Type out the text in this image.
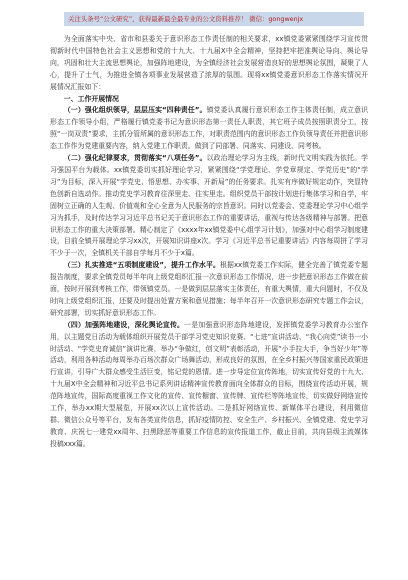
关注头条号“公文研究”，获得最新最全最专业的公文资料推荐！ 微信：gongwenjx

为全面落实中央、省市和县委关于意识形态工作责任制的相关要求，xx镇党委紧紧围绕学习宣传贯彻新时代中国特色社会主义思想和党的十九大、十九届X中全会精神，坚持把牢把准舆论导向、舆论导向，巩固和壮大主流思想舆论，加强阵地建设，为全镇经济社会发展营造良好的思想舆论氛围，凝聚了人心，提升了士气，为推进全镇各项事业发展营造了浓厚的氛围。现将xx镇党委意识形态工作落实情况开展情况汇报如下：

一、工作开展情况

（一）强化组织领导，层层压实“四种责任”。镇党委认真履行意识形态工作主体责任制，成立意识形态工作领导小组，严格履行镇党委书记为意识形态第一责任人职责，其它班子成员按照职责分工，按照“一岗双责”要求，主抓分管所属的意识形态工作，对职责范围内的意识形态工作负领导责任并把意识形态工作作为党建重要内容，纳入党建工作职责。做到了同部署、同落实、同建设、同考核。

（二）强化纪律要求，贯彻落实“八项任务”。以政治理论学习为主线，新时代文明实践为依托。学习强国平台为载体。xx镇党委切实抓好理论学习，紧紧围绕“学党理论、学党章规定、学党历史”的“学习”为目标，深入开展“学党史、悟思想、办实事、开新局”的任务要求。扎实有序做好规定动作，突显特色创新自选动作。推动党史学习教育往深里走、往实里走。组织党员干部按计划进行集体学习和自学，牢固树立正确的人生观、价值观和全心全意为人民服务的宗旨意识。同时以党委会、党委理论学习中心组学习为抓手，及时传达学习习近平总书记关于意识形态工作的重要讲话，重视与传达各级精神与部署。把意识形态工作的重大决策部署。精心制定了《xxxx年xx镇党委中心组学习计划》，加强对中心组学习制度建设，目前全镇开展理论学习xx次，开展知识讲座x次。学习《习近平总书记重要讲话》内容每周拼了学习不少于一次，全镇机关干部自学每月不少于x篇。

（三）扎实推进“五项制度建设”，提升工作水平。根据xx镇党委工作实际，健全完善了镇党委专题报告制度，要求全镇党员每半年向上级党组织汇报一次意识形态工作情况，进一步把意识形态工作做在前面，按时开展到考核工作，带领镇党员。一是做到层层落实主体责任，有重大舆情，重大问题时，不仅及时向上级党组织汇报，还要及时提出处置方案和意见措施；每半年召开一次意识形态研究专题工作会议，研究部署，切实抓好意识形态工作。

（四）加强阵地建设，深化舆论宣传。一是加强意识形态阵地建设，发挥镇党委学习教育办公室作用，以主题党日活动为载体组织开展党员干部学习党史知识竞赛、“七进”宣讲活动、“我心向党”读书一小时活动、“学党史育诚信”演讲比赛，举办“争做红，创文明”表彰活动，开展“小手拉大手，争当好少年”等活动，利用各种活动每周举办百场次群众广场舞活动，形成良好的氛围，在全乡村振兴等国家重民政策进行宣讲，引导广大群众感受生活巨变，铭记党的恩情。进一步导定位宣传阵地，切实宣传好党的十九大、十九届X中全会精神和习近平总书记系列讲话精神宣传教育面向全体群众的目标，围绕宣传活动开展，规范阵地宣传，国际高度重视工作文化的宣传、宣传橱窗、宣传牌、宣传栏等阵地宣传，切实做好网络宣传工作，举办xx期大型展览，开展xx次以上宣传活动。二是抓好网络宣传、新媒体平台建设，利用微信群、微信公众号等平台，发布各类宣传信息，抓好疫情防控、安全生产、乡村振兴、全镇党建、党史学习教育、庆祝七一建党xx周年、扫黑除恶等重要工作信息的宣传报道工作，截止目前，共向县级主流媒体投稿xxx篇。
